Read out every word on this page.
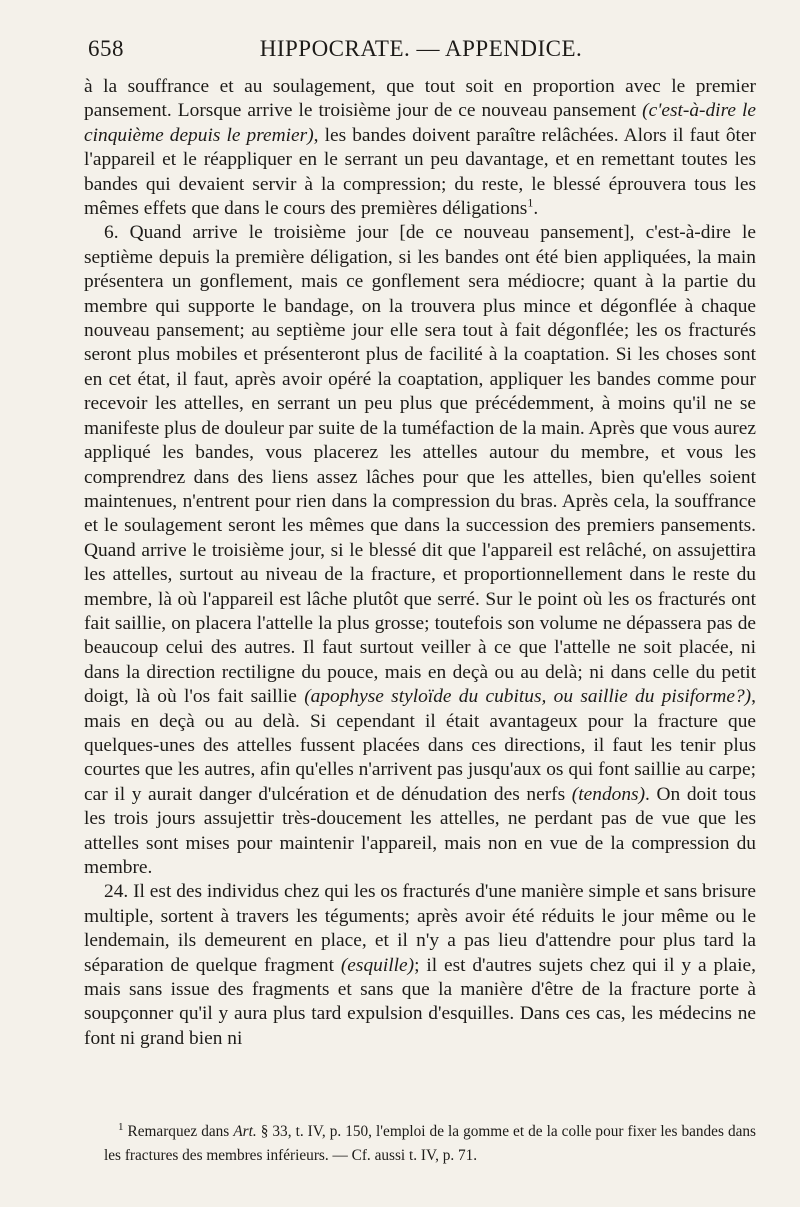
658	HIPPOCRATE. — APPENDICE.

à la souffrance et au soulagement, que tout soit en proportion avec le premier pansement. Lorsque arrive le troisième jour de ce nouveau pansement (c'est-à-dire le cinquième depuis le premier), les bandes doivent paraître relâchées. Alors il faut ôter l'appareil et le réappliquer en le serrant un peu davantage, et en remettant toutes les bandes qui devaient servir à la compression; du reste, le blessé éprouvera tous les mêmes effets que dans le cours des premières déligations$^1$.

6. Quand arrive le troisième jour [de ce nouveau pansement], c'est-à-dire le septième depuis la première déligation, si les bandes ont été bien appliquées, la main présentera un gonflement, mais ce gonflement sera médiocre; quant à la partie du membre qui supporte le bandage, on la trouvera plus mince et dégonflée à chaque nouveau pansement; au septième jour elle sera tout à fait dégonflée; les os fracturés seront plus mobiles et présenteront plus de facilité à la coaptation. Si les choses sont en cet état, il faut, après avoir opéré la coaptation, appliquer les bandes comme pour recevoir les attelles, en serrant un peu plus que précédemment, à moins qu'il ne se manifeste plus de douleur par suite de la tuméfaction de la main. Après que vous aurez appliqué les bandes, vous placerez les attelles autour du membre, et vous les comprendrez dans des liens assez lâches pour que les attelles, bien qu'elles soient maintenues, n'entrent pour rien dans la compression du bras. Après cela, la souffrance et le soulagement seront les mêmes que dans la succession des premiers pansements. Quand arrive le troisième jour, si le blessé dit que l'appareil est relâché, on assujettira les attelles, surtout au niveau de la fracture, et proportionnellement dans le reste du membre, là où l'appareil est lâche plutôt que serré. Sur le point où les os fracturés ont fait saillie, on placera l'attelle la plus grosse; toutefois son volume ne dépassera pas de beaucoup celui des autres. Il faut surtout veiller à ce que l'attelle ne soit placée, ni dans la direction rectiligne du pouce, mais en deçà ou au delà; ni dans celle du petit doigt, là où l'os fait saillie (apophyse styloïde du cubitus, ou saillie du pisiforme?), mais en deçà ou au delà. Si cependant il était avantageux pour la fracture que quelques-unes des attelles fussent placées dans ces directions, il faut les tenir plus courtes que les autres, afin qu'elles n'arrivent pas jusqu'aux os qui font saillie au carpe; car il y aurait danger d'ulcération et de dénudation des nerfs (tendons). On doit tous les trois jours assujettir très-doucement les attelles, ne perdant pas de vue que les attelles sont mises pour maintenir l'appareil, mais non en vue de la compression du membre.

24. Il est des individus chez qui les os fracturés d'une manière simple et sans brisure multiple, sortent à travers les téguments; après avoir été réduits le jour même ou le lendemain, ils demeurent en place, et il n'y a pas lieu d'attendre pour plus tard la séparation de quelque fragment (esquille); il est d'autres sujets chez qui il y a plaie, mais sans issue des fragments et sans que la manière d'être de la fracture porte à soupçonner qu'il y aura plus tard expulsion d'esquilles. Dans ces cas, les médecins ne font ni grand bien ni

$^1$ Remarquez dans Art. § 33, t. IV, p. 150, l'emploi de la gomme et de la colle pour fixer les bandes dans les fractures des membres inférieurs. — Cf. aussi t. IV, p. 71.
